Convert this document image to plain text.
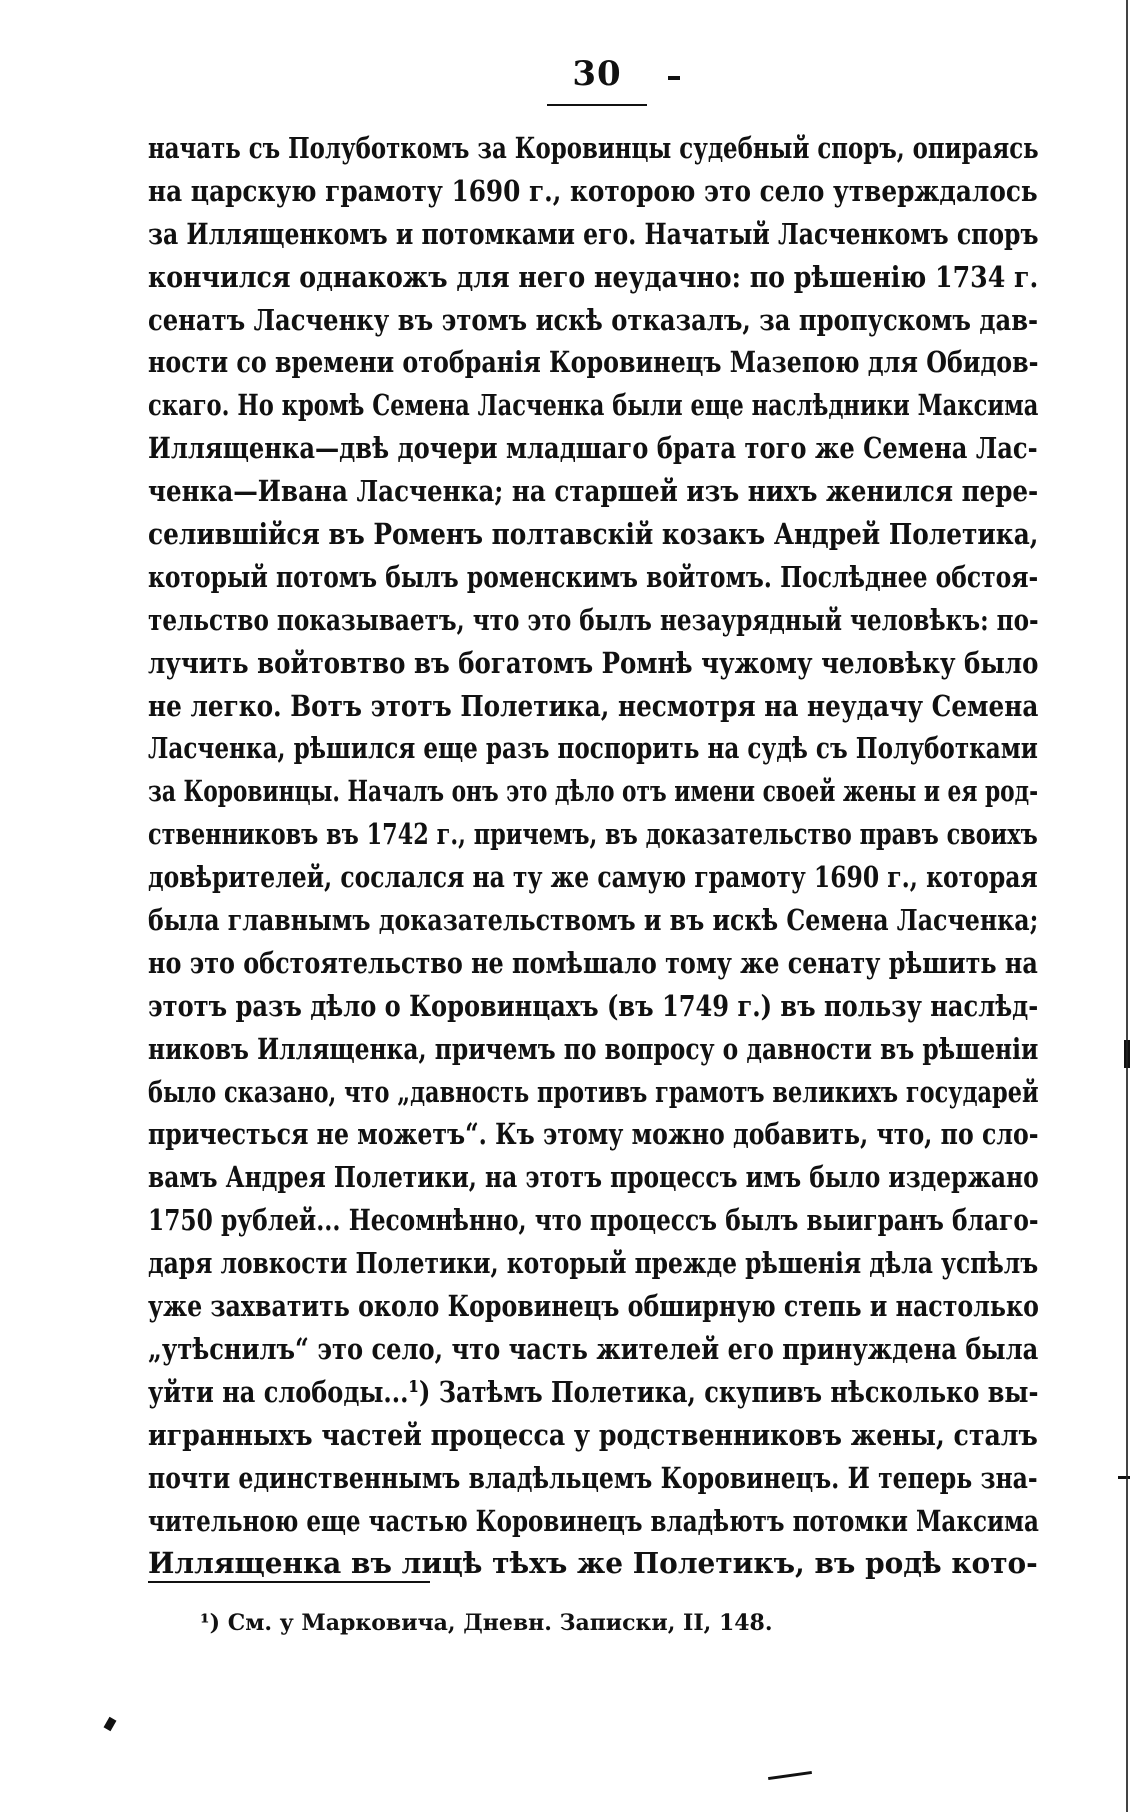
30
начать съ Полуботкомъ за Коровинцы судебный споръ, опираясь
на царскую грамоту 1690 г., которою это село утверждалось
за Иллященкомъ и потомками его. Начатый Ласченкомъ споръ
кончился однакожъ для него неудачно: по рѣшенію 1734 г.
сенатъ Ласченку въ этомъ искѣ отказалъ, за пропускомъ дав-
ности со времени отобранія Коровинецъ Мазепою для Обидов-
скаго. Но кромѣ Семена Ласченка были еще наслѣдники Максима
Иллященка—двѣ дочери младшаго брата того же Семена Лас-
ченка—Ивана Ласченка; на старшей изъ нихъ женился пере-
селившійся въ Роменъ полтавскій козакъ Андрей Полетика,
который потомъ былъ роменскимъ войтомъ. Послѣднее обстоя-
тельство показываетъ, что это былъ незаурядный человѣкъ: по-
лучить войтовтво въ богатомъ Ромнѣ чужому человѣку было
не легко. Вотъ этотъ Полетика, несмотря на неудачу Семена
Ласченка, рѣшился еще разъ поспорить на судѣ съ Полуботками
за Коровинцы. Началъ онъ это дѣло отъ имени своей жены и ея род-
ственниковъ въ 1742 г., причемъ, въ доказательство правъ своихъ
довѣрителей, сослался на ту же самую грамоту 1690 г., которая
была главнымъ доказательствомъ и въ искѣ Семена Ласченка;
но это обстоятельство не помѣшало тому же сенату рѣшить на
этотъ разъ дѣло о Коровинцахъ (въ 1749 г.) въ пользу наслѣд-
никовъ Иллященка, причемъ по вопросу о давности въ рѣшеніи
было сказано, что „давность противъ грамотъ великихъ государей
причесться не можетъ“. Къ этому можно добавить, что, по сло-
вамъ Андрея Полетики, на этотъ процессъ имъ было издержано
1750 рублей... Несомнѣнно, что процессъ былъ выигранъ благо-
даря ловкости Полетики, который прежде рѣшенія дѣла успѣлъ
уже захватить около Коровинецъ обширную степь и настолько
„утѣснилъ“ это село, что часть жителей его принуждена была
уйти на слободы...¹) Затѣмъ Полетика, скупивъ нѣсколько вы-
игранныхъ частей процесса у родственниковъ жены, сталъ
почти единственнымъ владѣльцемъ Коровинецъ. И теперь зна-
чительною еще частью Коровинецъ владѣютъ потомки Максима
Иллященка въ лицѣ тѣхъ же Полетикъ, въ родѣ кото-
¹) См. у Марковича, Дневн. Записки, II, 148.
